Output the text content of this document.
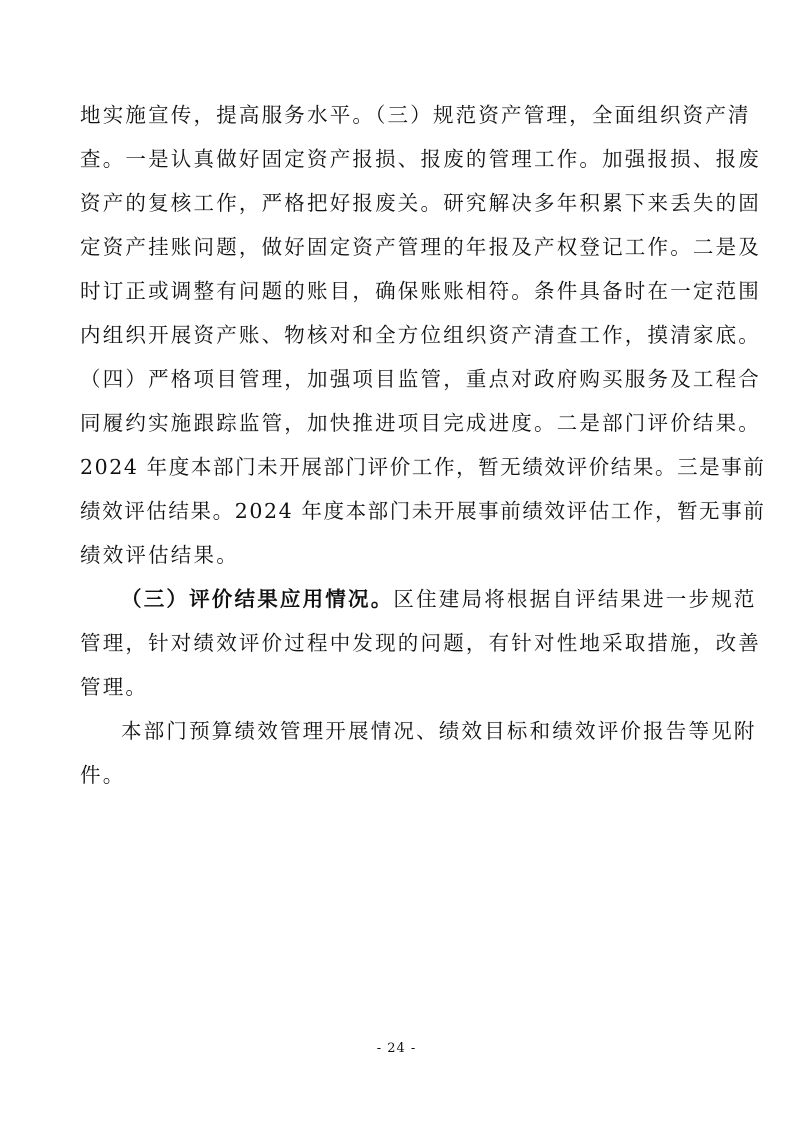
地实施宣传，提高服务水平。（三）规范资产管理，全面组织资产清
查。一是认真做好固定资产报损、报废的管理工作。加强报损、报废
资产的复核工作，严格把好报废关。研究解决多年积累下来丢失的固
定资产挂账问题，做好固定资产管理的年报及产权登记工作。二是及
时订正或调整有问题的账目，确保账账相符。条件具备时在一定范围
内组织开展资产账、物核对和全方位组织资产清查工作，摸清家底。
（四）严格项目管理，加强项目监管，重点对政府购买服务及工程合
同履约实施跟踪监管，加快推进项目完成进度。二是部门评价结果。
2024 年度本部门未开展部门评价工作，暂无绩效评价结果。三是事前
绩效评估结果。2024 年度本部门未开展事前绩效评估工作，暂无事前
绩效评估结果。
（三）评价结果应用情况。区住建局将根据自评结果进一步规范
管理，针对绩效评价过程中发现的问题，有针对性地采取措施，改善
管理。
本部门预算绩效管理开展情况、绩效目标和绩效评价报告等见附
件。
- 24 -
